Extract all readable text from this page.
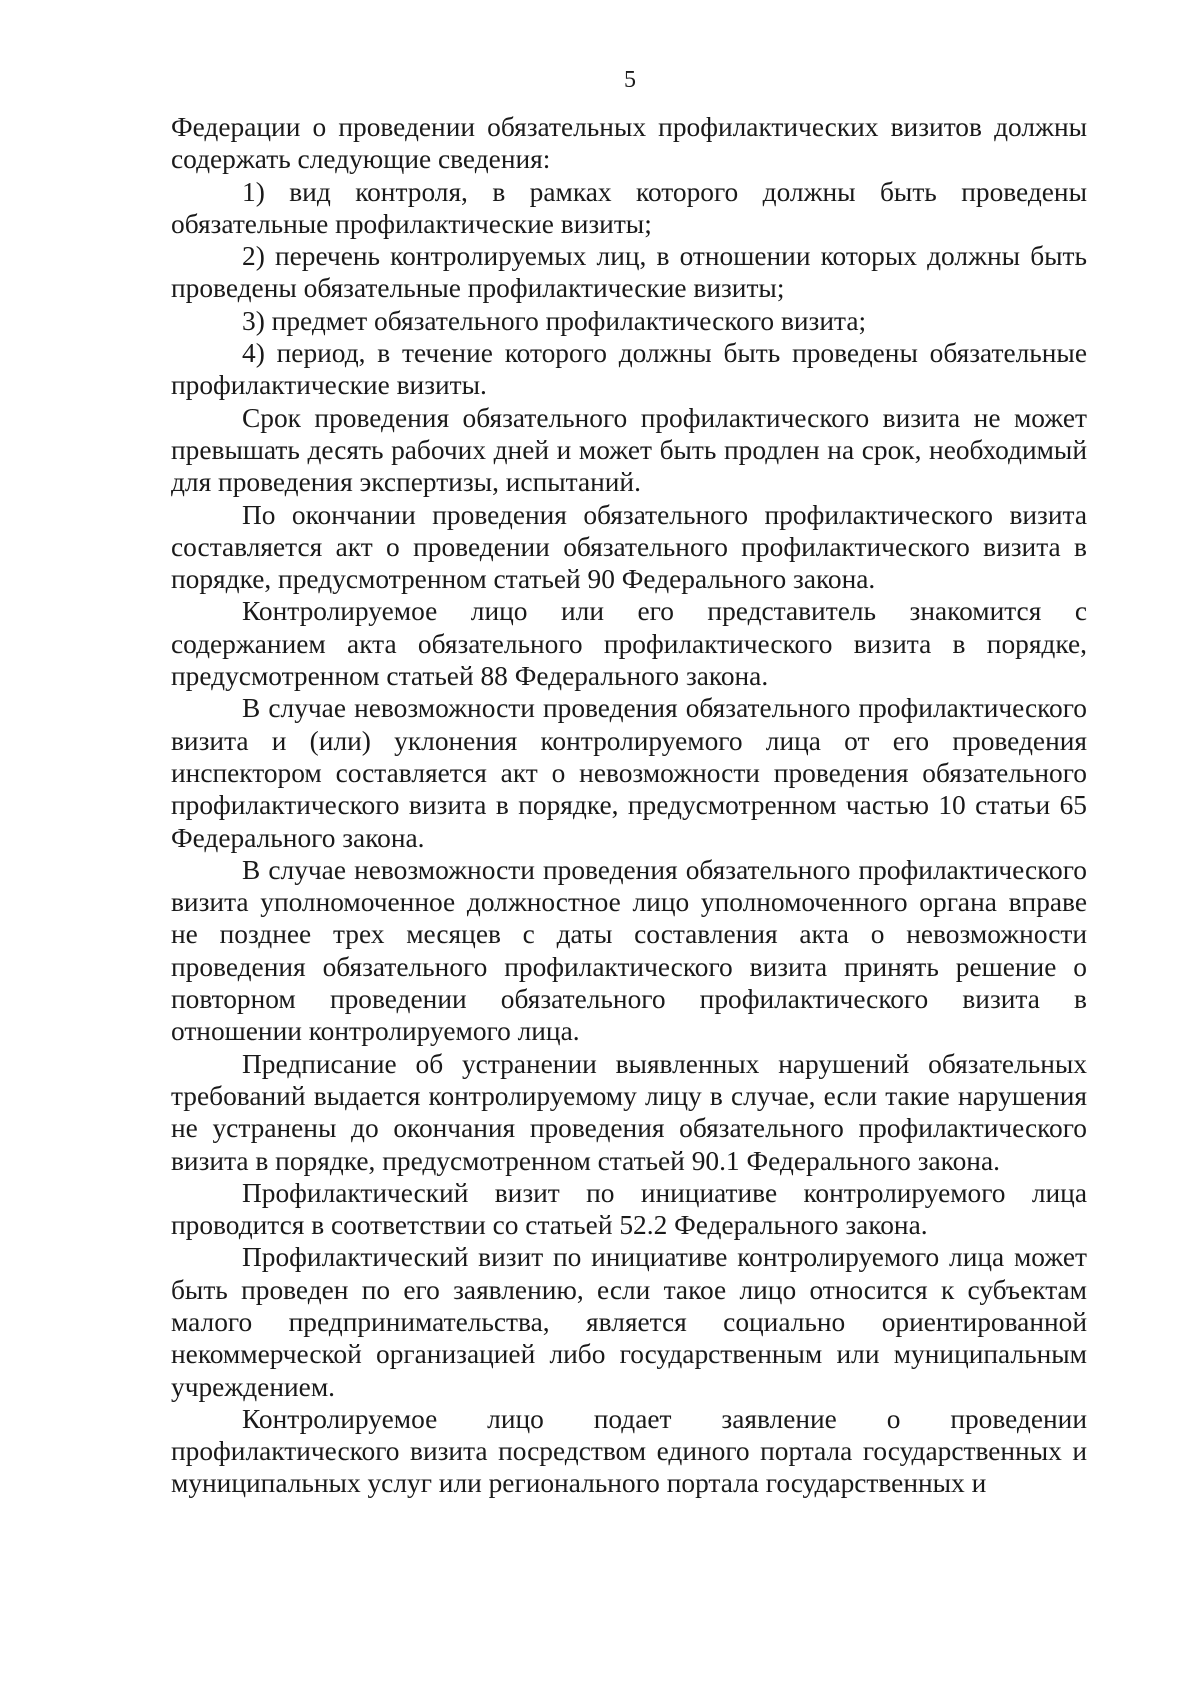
5

Федерации о проведении обязательных профилактических визитов должны содержать следующие сведения:

1) вид контроля, в рамках которого должны быть проведены обязательные профилактические визиты;

2) перечень контролируемых лиц, в отношении которых должны быть проведены обязательные профилактические визиты;

3) предмет обязательного профилактического визита;

4) период, в течение которого должны быть проведены обязательные профилактические визиты.

Срок проведения обязательного профилактического визита не может превышать десять рабочих дней и может быть продлен на срок, необходимый для проведения экспертизы, испытаний.

По окончании проведения обязательного профилактического визита составляется акт о проведении обязательного профилактического визита в порядке, предусмотренном статьей 90 Федерального закона.

Контролируемое лицо или его представитель знакомится с содержанием акта обязательного профилактического визита в порядке, предусмотренном статьей 88 Федерального закона.

В случае невозможности проведения обязательного профилактического визита и (или) уклонения контролируемого лица от его проведения инспектором составляется акт о невозможности проведения обязательного профилактического визита в порядке, предусмотренном частью 10 статьи 65 Федерального закона.

В случае невозможности проведения обязательного профилактического визита уполномоченное должностное лицо уполномоченного органа вправе не позднее трех месяцев с даты составления акта о невозможности проведения обязательного профилактического визита принять решение о повторном проведении обязательного профилактического визита в отношении контролируемого лица.

Предписание об устранении выявленных нарушений обязательных требований выдается контролируемому лицу в случае, если такие нарушения не устранены до окончания проведения обязательного профилактического визита в порядке, предусмотренном статьей 90.1 Федерального закона.

Профилактический визит по инициативе контролируемого лица проводится в соответствии со статьей 52.2 Федерального закона.

Профилактический визит по инициативе контролируемого лица может быть проведен по его заявлению, если такое лицо относится к субъектам малого предпринимательства, является социально ориентированной некоммерческой организацией либо государственным или муниципальным учреждением.

Контролируемое лицо подает заявление о проведении профилактического визита посредством единого портала государственных и муниципальных услуг или регионального портала государственных и
